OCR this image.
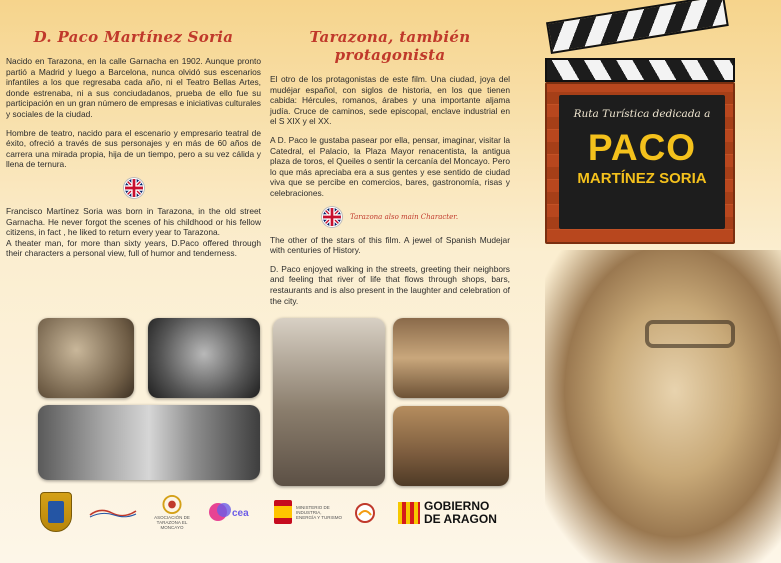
D. Paco Martínez Soria

Nacido en Tarazona, en la calle Garnacha en 1902. Aunque pronto partió a Madrid y luego a Barcelona, nunca olvidó sus escenarios infantiles a los que regresaba cada año, ni el Teatro Bellas Artes, donde estrenaba, ni a sus conciudadanos, prueba de ello fue su participación en un gran número de empresas e iniciativas culturales y sociales de la ciudad.

Hombre de teatro, nacido para el escenario y empresario teatral de éxito, ofreció a través de sus personajes y en más de 60 años de carrera una mirada propia, hija de un tiempo, pero a su vez cálida y llena de ternura.

Francisco Martínez Soria was born in Tarazona, in the old street Garnacha. He never forgot the scenes of his childhood or his fellow citizens, in fact , he liked to return every year to Tarazona.

A theater man, for more than sixty years, D.Paco offered through their characters a personal view, full of humor and tenderness.

Tarazona, también protagonista

El otro de los protagonistas de este film. Una ciudad, joya del mudéjar español, con siglos de historia, en los que tienen cabida: Hércules, romanos, árabes y una importante aljama judía. Cruce de caminos, sede episcopal, enclave industrial en el S XIX y el XX.

A D. Paco le gustaba pasear por ella, pensar, imaginar, visitar la Catedral, el Palacio, la Plaza Mayor renacentista, la antigua plaza de toros, el Queiles o sentir la cercanía del Moncayo. Pero lo que más apreciaba era a sus gentes y ese sentido de ciudad viva que se percibe en comercios, bares, gastronomía, risas y celebraciones.

Tarazona also main Character.

The other of the stars of this film. A jewel of Spanish Mudejar with centuries of History.

D. Paco enjoyed walking in the streets, greeting their neighbors and feeling that river of life that flows through shops, bars, restaurants and is also present in the laughter and celebration of the city.

Ruta Turística dedicada a
PACO
MARTÍNEZ SORIA
ASOCIACIÓN DE TARAZONA EL MONCAYO
cea
MINISTERIO DE INDUSTRIA, ENERGÍA Y TURISMO
GOBIERNO DE ARAGON
